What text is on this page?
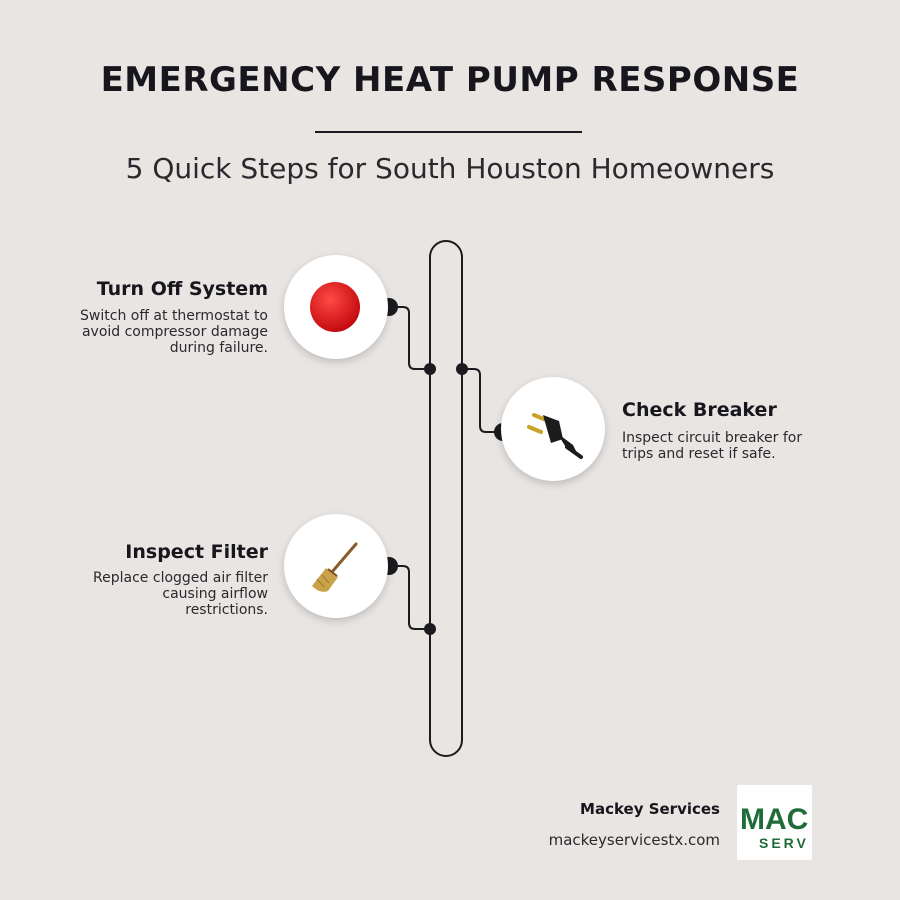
EMERGENCY HEAT PUMP RESPONSE
5 Quick Steps for South Houston Homeowners
Turn Off System
Switch off at thermostat to
avoid compressor damage
during failure.
Check Breaker
Inspect circuit breaker for
trips and reset if safe.
Inspect Filter
Replace clogged air filter
causing airflow
restrictions.
Mackey Services
mackeyservicestx.com
MAC
SERV
